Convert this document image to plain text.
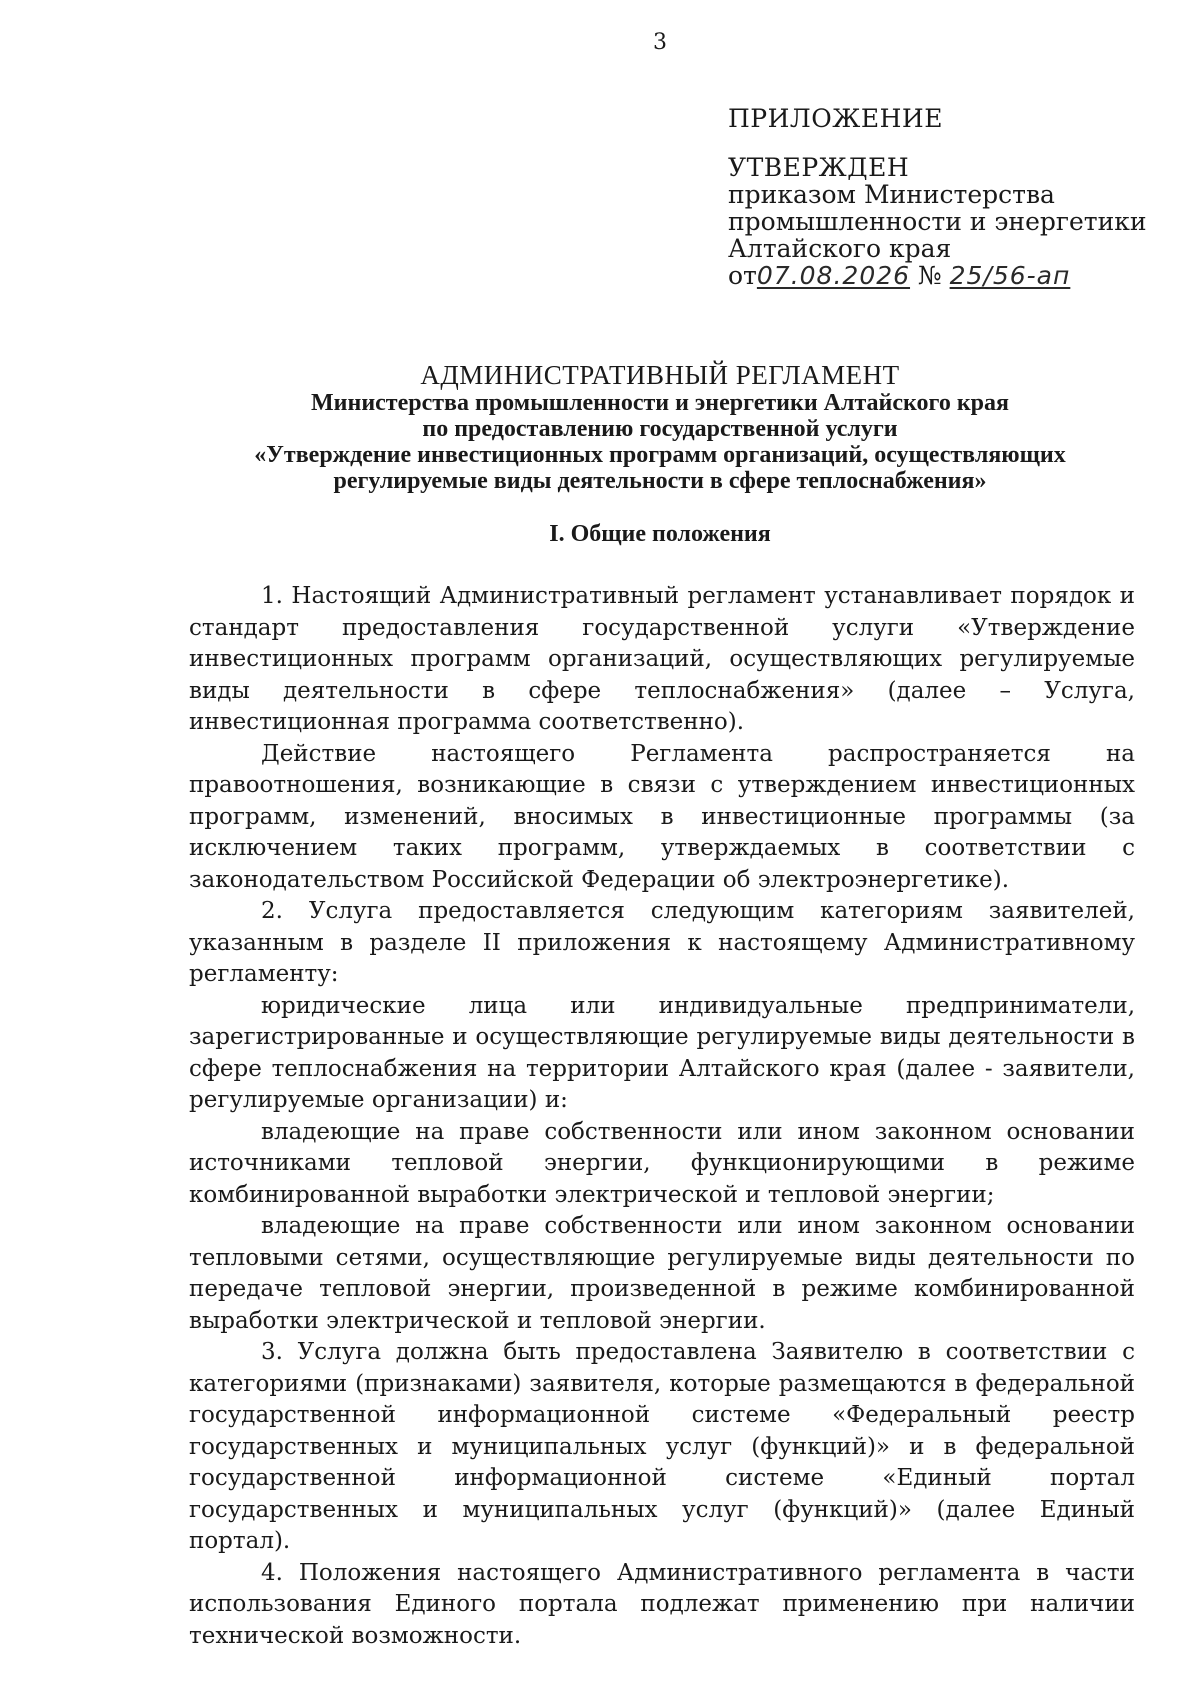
3
ПРИЛОЖЕНИЕ
УТВЕРЖДЕН
приказом Министерства
промышленности и энергетики
Алтайского края
от07.08.2026 № 25/56-ап
АДМИНИСТРАТИВНЫЙ РЕГЛАМЕНТ
Министерства промышленности и энергетики Алтайского края
по предоставлению государственной услуги
«Утверждение инвестиционных программ организаций, осуществляющих
регулируемые виды деятельности в сфере теплоснабжения»
I. Общие положения

1. Настоящий Административный регламент устанавливает порядок и стандарт предоставления государственной услуги «Утверждение инвестиционных программ организаций, осуществляющих регулируемые виды деятельности в сфере теплоснабжения» (далее – Услуга, инвестиционная программа соответственно).

Действие настоящего Регламента распространяется на правоотношения, возникающие в связи с утверждением инвестиционных программ, изменений, вносимых в инвестиционные программы (за исключением таких программ, утверждаемых в соответствии с законодательством Российской Федерации об электроэнергетике).

2. Услуга предоставляется следующим категориям заявителей, указанным в разделе II приложения к настоящему Административному регламенту:

юридические лица или индивидуальные предприниматели, зарегистрированные и осуществляющие регулируемые виды деятельности в сфере теплоснабжения на территории Алтайского края (далее - заявители, регулируемые организации) и:

владеющие на праве собственности или ином законном основании источниками тепловой энергии, функционирующими в режиме комбинированной выработки электрической и тепловой энергии;

владеющие на праве собственности или ином законном основании тепловыми сетями, осуществляющие регулируемые виды деятельности по передаче тепловой энергии, произведенной в режиме комбинированной выработки электрической и тепловой энергии.

3. Услуга должна быть предоставлена Заявителю в соответствии с категориями (признаками) заявителя, которые размещаются в федеральной государственной информационной системе «Федеральный реестр государственных и муниципальных услуг (функций)» и в федеральной государственной информационной системе «Единый портал государственных и муниципальных услуг (функций)» (далее Единый портал).

4. Положения настоящего Административного регламента в части использования Единого портала подлежат применению при наличии технической возможности.
